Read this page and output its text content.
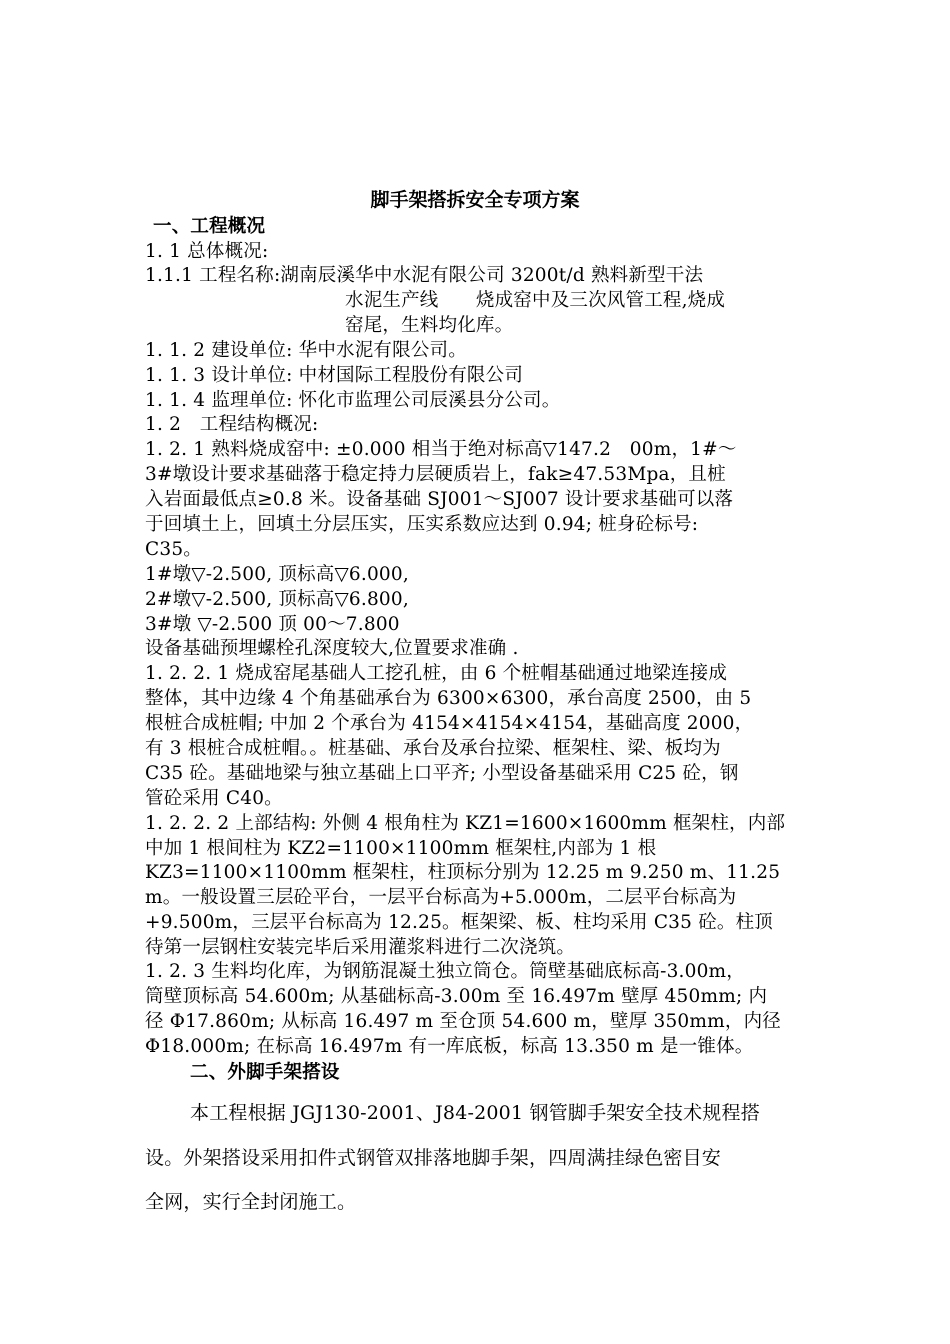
脚手架搭拆安全专项方案
一、工程概况
1. 1 总体概况:
1.1.1 工程名称:湖南辰溪华中水泥有限公司 3200t/d 熟料新型干法
水泥生产线　　烧成窑中及三次风管工程,烧成
窑尾，生料均化库。
1. 1. 2 建设单位: 华中水泥有限公司。
1. 1. 3 设计单位: 中材国际工程股份有限公司
1. 1. 4 监理单位: 怀化市监理公司辰溪县分公司。
1. 2　工程结构概况:
1. 2. 1 熟料烧成窑中: ±0.000 相当于绝对标高▽147.2　00m，1#～
3#墩设计要求基础落于稳定持力层硬质岩上，fak≥47.53Mpa，且桩
入岩面最低点≥0.8 米。设备基础 SJ001～SJ007 设计要求基础可以落
于回填土上，回填土分层压实，压实系数应达到 0.94; 桩身砼标号:
C35。
1#墩▽-2.500, 顶标高▽6.000,
2#墩▽-2.500, 顶标高▽6.800,
3#墩 ▽-2.500 顶 00～7.800
设备基础预埋螺栓孔深度较大,位置要求准确 .
1. 2. 2. 1 烧成窑尾基础人工挖孔桩，由 6 个桩帽基础通过地梁连接成
整体，其中边缘 4 个角基础承台为 6300×6300，承台高度 2500，由 5
根桩合成桩帽; 中加 2 个承台为 4154×4154×4154，基础高度 2000，
有 3 根桩合成桩帽。。桩基础、承台及承台拉梁、框架柱、梁、板均为
C35 砼。基础地梁与独立基础上口平齐; 小型设备基础采用 C25 砼，钢
管砼采用 C40。
1. 2. 2. 2 上部结构: 外侧 4 根角柱为 KZ1=1600×1600mm 框架柱，内部
中加 1 根间柱为 KZ2=1100×1100mm 框架柱,内部为 1 根
KZ3=1100×1100mm 框架柱，柱顶标分别为 12.25 m 9.250 m、11.25
m。一般设置三层砼平台，一层平台标高为+5.000m，二层平台标高为
+9.500m，三层平台标高为 12.25。框架梁、板、柱均采用 C35 砼。柱顶
待第一层钢柱安装完毕后采用灌浆料进行二次浇筑。
1. 2. 3 生料均化库，为钢筋混凝土独立筒仓。筒壁基础底标高-3.00m，
筒壁顶标高 54.600m; 从基础标高-3.00m 至 16.497m 壁厚 450mm; 内
径 Φ17.860m; 从标高 16.497 m 至仓顶 54.600 m，壁厚 350mm，内径
Φ18.000m; 在标高 16.497m 有一库底板，标高 13.350 m 是一锥体。
二、外脚手架搭设
本工程根据 JGJ130-2001、J84-2001 钢管脚手架安全技术规程搭
设。外架搭设采用扣件式钢管双排落地脚手架，四周满挂绿色密目安
全网，实行全封闭施工。
